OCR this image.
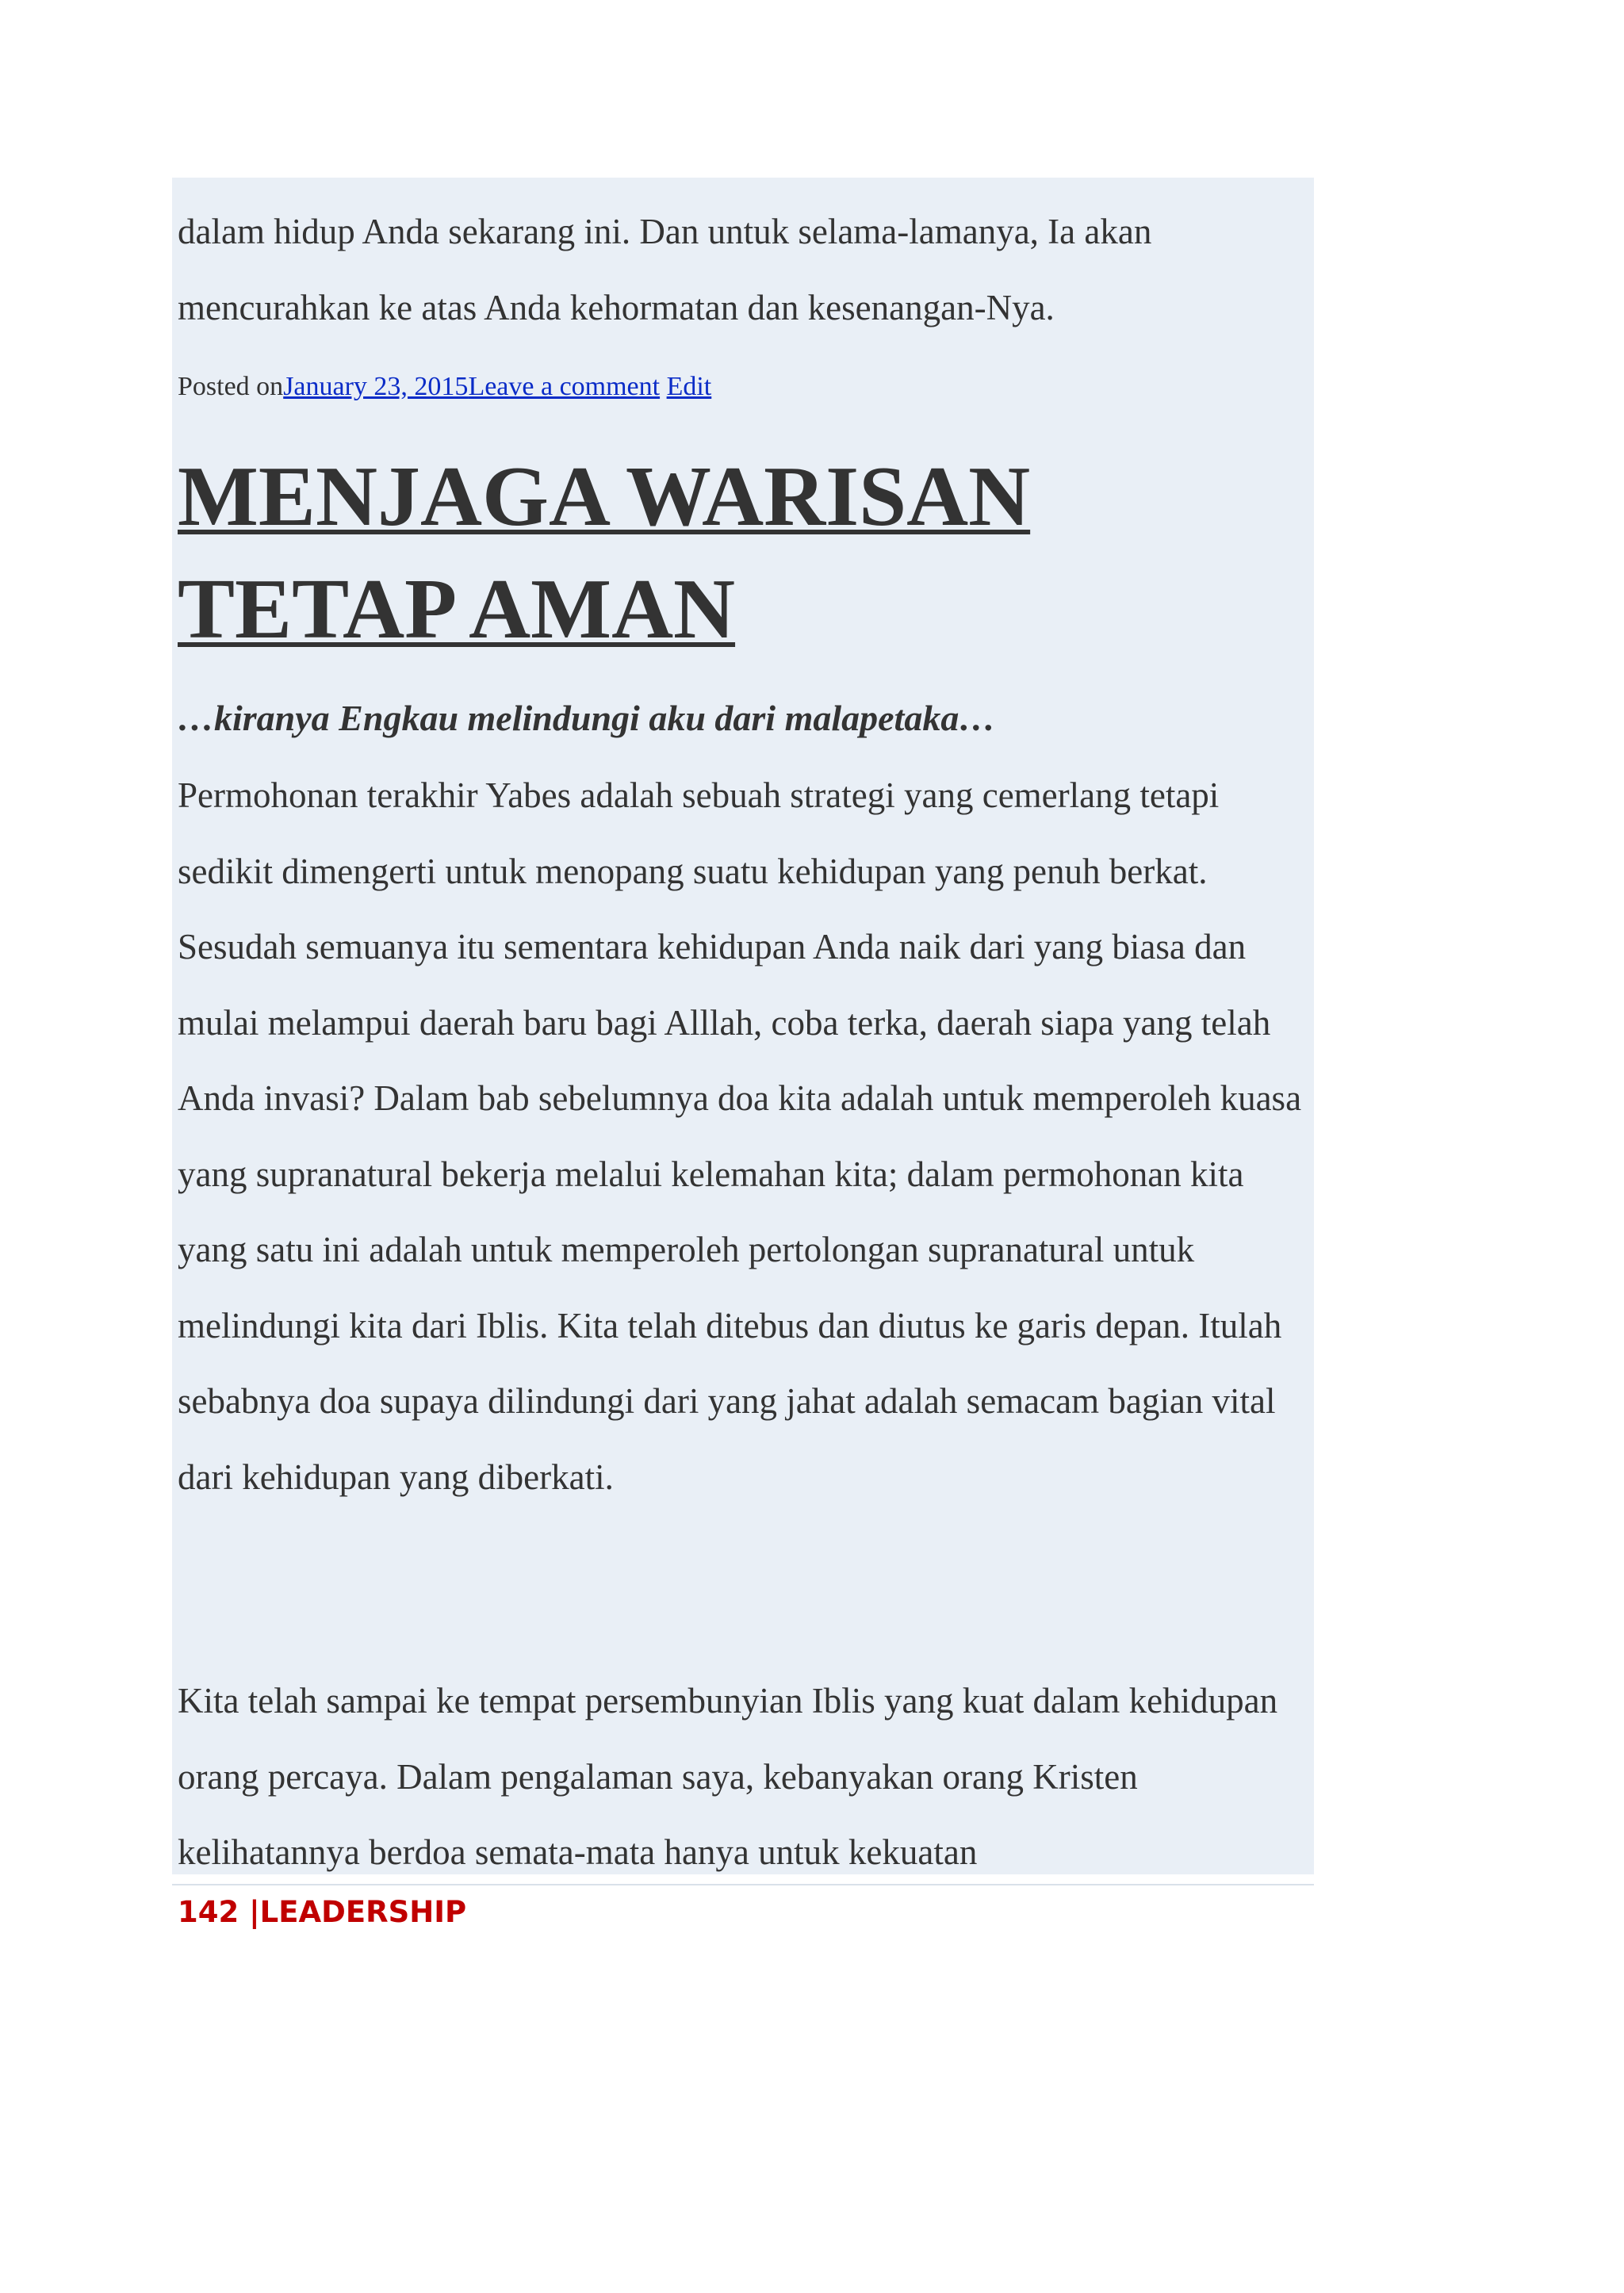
dalam hidup Anda sekarang ini. Dan untuk selama-lamanya, Ia akan mencurahkan ke atas Anda kehormatan dan kesenangan-Nya.

Posted onJanuary 23, 2015Leave a comment Edit
MENJAGA WARISAN TETAP AMAN

…kiranya Engkau melindungi aku dari malapetaka…

Permohonan terakhir Yabes adalah sebuah strategi yang cemerlang tetapi sedikit dimengerti untuk menopang suatu kehidupan yang penuh berkat. Sesudah semuanya itu sementara kehidupan Anda naik dari yang biasa dan mulai melampui daerah baru bagi Alllah, coba terka, daerah siapa yang telah Anda invasi? Dalam bab sebelumnya doa kita adalah untuk memperoleh kuasa yang supranatural bekerja melalui kelemahan kita; dalam permohonan kita yang satu ini adalah untuk memperoleh pertolongan supranatural untuk melindungi kita dari Iblis. Kita telah ditebus dan diutus ke garis depan. Itulah sebabnya doa supaya dilindungi dari yang jahat adalah semacam bagian vital dari kehidupan yang diberkati.

Kita telah sampai ke tempat persembunyian Iblis yang kuat dalam kehidupan orang percaya. Dalam pengalaman saya, kebanyakan orang Kristen kelihatannya berdoa semata-mata hanya untuk kekuatan

142 |LEADERSHIP
